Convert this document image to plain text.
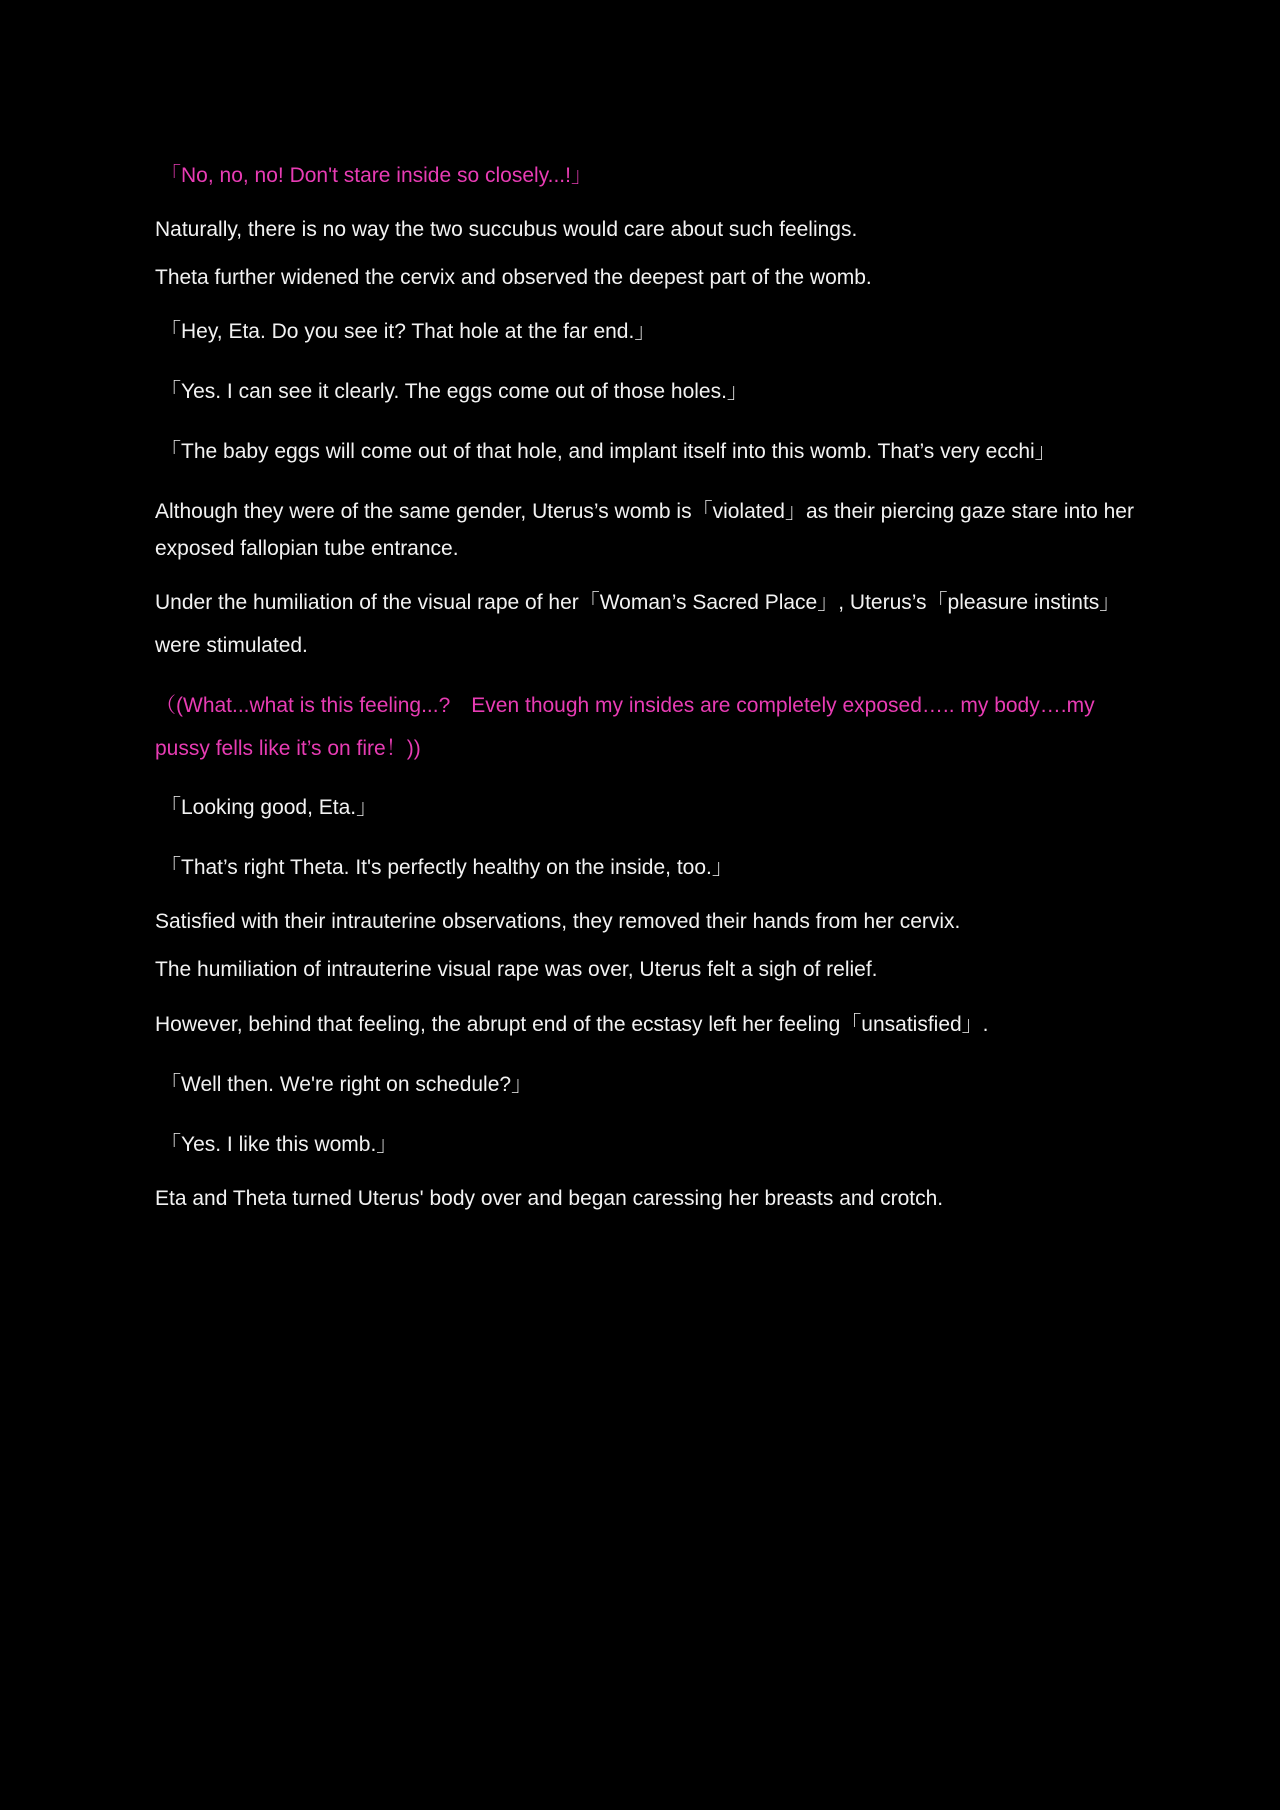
「No, no, no! Don't stare inside so closely...!」

Naturally, there is no way the two succubus would care about such feelings.

Theta further widened the cervix and observed the deepest part of the womb.

「Hey, Eta. Do you see it? That hole at the far end.」

「Yes. I can see it clearly. The eggs come out of those holes.」

「The baby eggs will come out of that hole, and implant itself into this womb. That’s very ecchi」

Although they were of the same gender, Uterus’s womb is「violated」as their piercing gaze stare into her exposed fallopian tube entrance.

Under the humiliation of the visual rape of her「Woman’s Sacred Place」, Uterus’s「pleasure instints」were stimulated.

（(What...what is this feeling...?　Even though my insides are completely exposed….. my body….my pussy fells like it’s on fire！))

「Looking good, Eta.」

「That’s right Theta. It's perfectly healthy on the inside, too.」

Satisfied with their intrauterine observations, they removed their hands from her cervix.

The humiliation of intrauterine visual rape was over, Uterus felt a sigh of relief.

However, behind that feeling, the abrupt end of the ecstasy left her feeling「unsatisfied」.

「Well then. We're right on schedule?」

「Yes. I like this womb.」

Eta and Theta turned Uterus' body over and began caressing her breasts and crotch.
